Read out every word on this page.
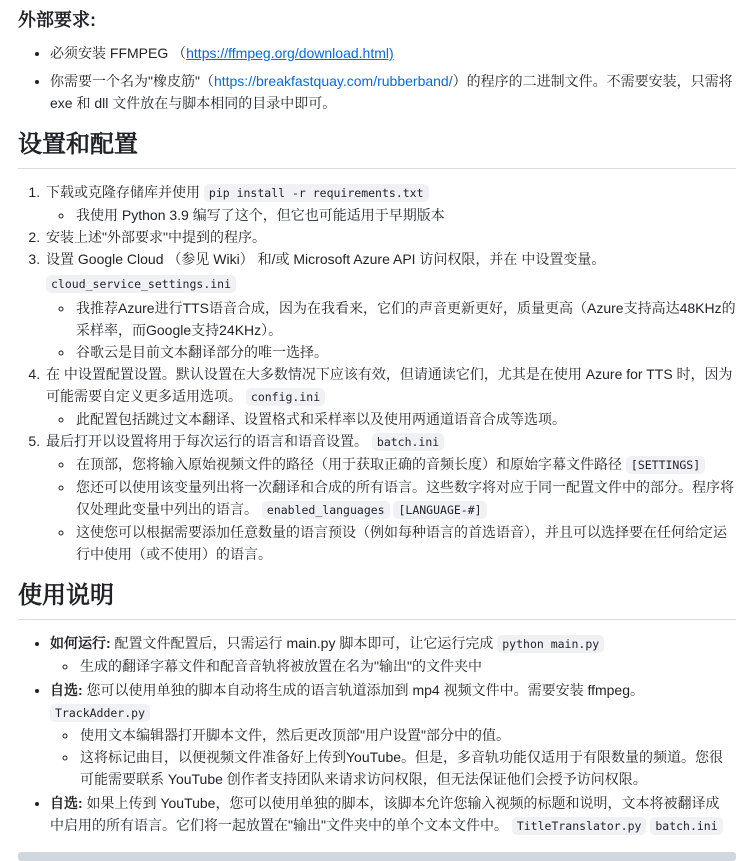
外部要求:
• 必须安装 FFMPEG （https://ffmpeg.org/download.html)
• 你需要一个名为"橡皮筋"（https://breakfastquay.com/rubberband/）的程序的二进制文件。不需要安装，只需将 exe 和 dll 文件放在与脚本相同的目录中即可。
设置和配置
1. 下载或克隆存储库并使用 pip install -r requirements.txt
◦ 我使用 Python 3.9 编写了这个，但它也可能适用于早期版本
2. 安装上述"外部要求"中提到的程序。
3. 设置 Google Cloud （参见 Wiki） 和/或 Microsoft Azure API 访问权限，并在 中设置变量。
cloud_service_settings.ini
◦ 我推荐Azure进行TTS语音合成，因为在我看来，它们的声音更新更好，质量更高（Azure支持高达48KHz的采样率，而Google支持24KHz）。
◦ 谷歌云是目前文本翻译部分的唯一选择。
4. 在 中设置配置设置。默认设置在大多数情况下应该有效，但请通读它们，尤其是在使用 Azure for TTS 时，因为可能需要自定义更多适用选项。 config.ini
◦ 此配置包括跳过文本翻译、设置格式和采样率以及使用两通道语音合成等选项。
5. 最后打开以设置将用于每次运行的语言和语音设置。 batch.ini
◦ 在顶部，您将输入原始视频文件的路径（用于获取正确的音频长度）和原始字幕文件路径 [SETTINGS]
◦ 您还可以使用该变量列出将一次翻译和合成的所有语言。这些数字将对应于同一配置文件中的部分。程序将仅处理此变量中列出的语言。 enabled_languages [LANGUAGE-#]
◦ 这使您可以根据需要添加任意数量的语言预设（例如每种语言的首选语音），并且可以选择要在任何给定运行中使用（或不使用）的语言。
使用说明
• 如何运行: 配置文件配置后，只需运行 main.py 脚本即可，让它运行完成 python main.py
◦ 生成的翻译字幕文件和配音音轨将被放置在名为"输出"的文件夹中
• 自选: 您可以使用单独的脚本自动将生成的语言轨道添加到 mp4 视频文件中。需要安装 ffmpeg。 TrackAdder.py
◦ 使用文本编辑器打开脚本文件，然后更改顶部"用户设置"部分中的值。
◦ 这将标记曲目，以便视频文件准备好上传到YouTube。但是，多音轨功能仅适用于有限数量的频道。您很可能需要联系 YouTube 创作者支持团队来请求访问权限，但无法保证他们会授予访问权限。
• 自选: 如果上传到 YouTube，您可以使用单独的脚本，该脚本允许您输入视频的标题和说明，文本将被翻译成 中启用的所有语言。它们将一起放置在"输出"文件夹中的单个文本文件中。 TitleTranslator.py batch.ini
